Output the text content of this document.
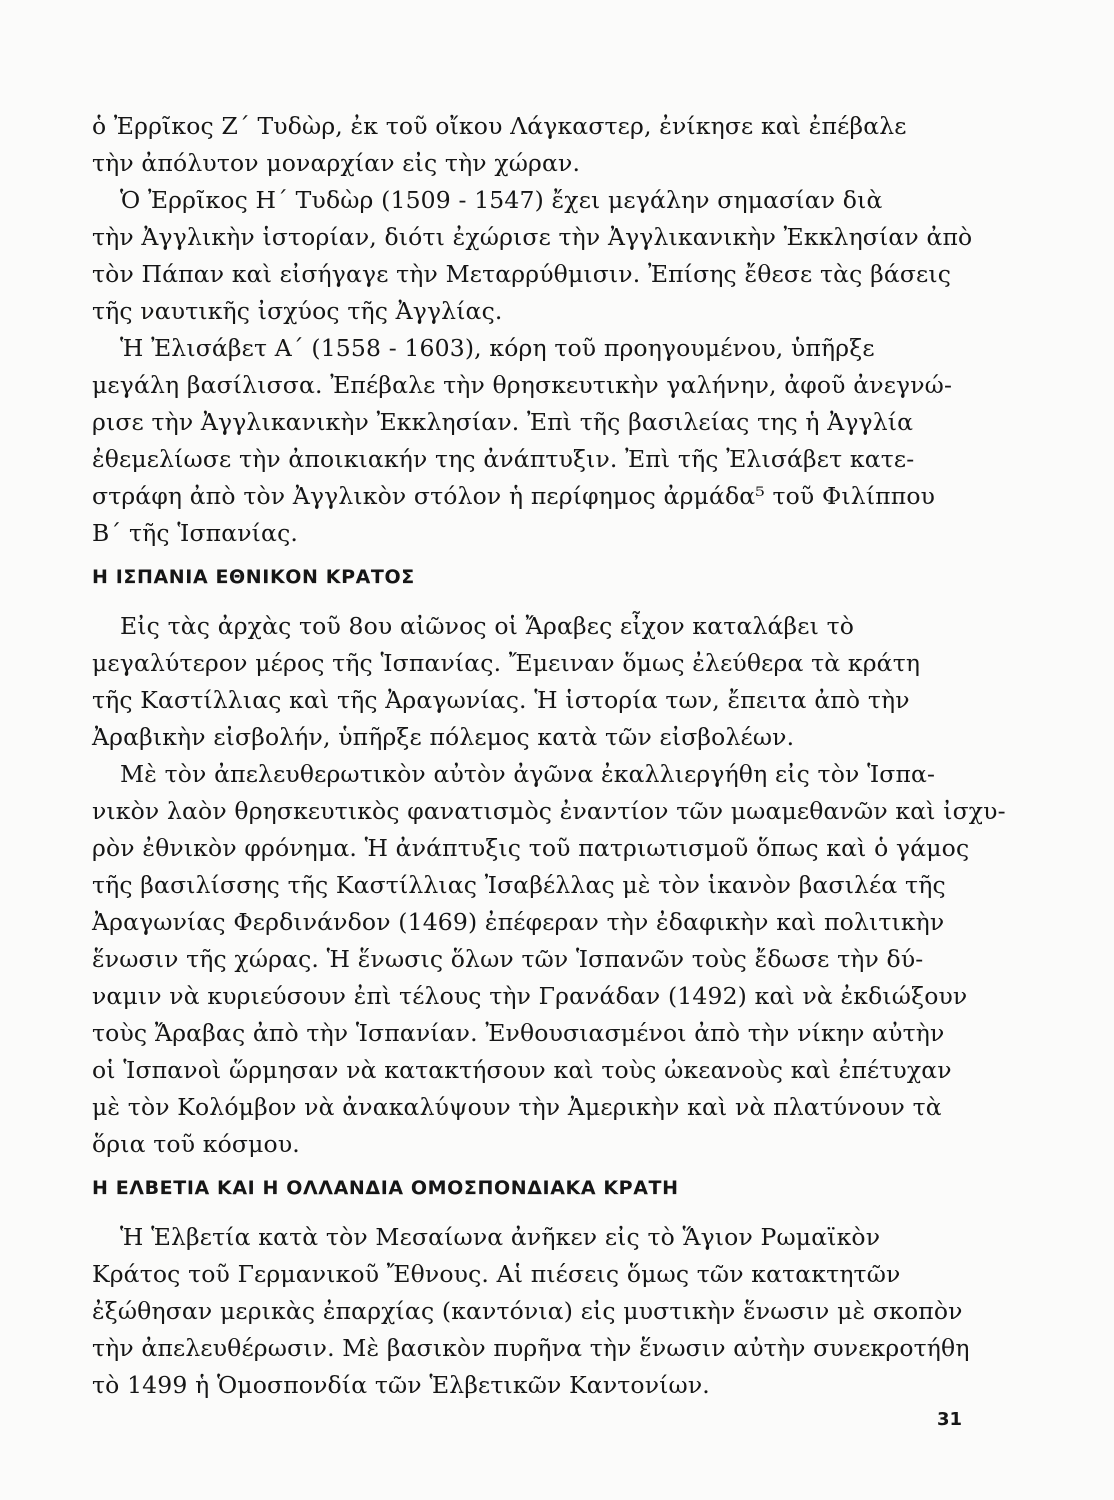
ὁ Ἐρρῖκος Ζ΄ Τυδὼρ, ἐκ τοῦ οἴκου Λάγκαστερ, ἐνίκησε καὶ ἐπέβαλε
τὴν ἀπόλυτον μοναρχίαν εἰς τὴν χώραν.

Ὁ Ἐρρῖκος Η΄ Τυδὼρ (1509 - 1547) ἔχει μεγάλην σημασίαν διὰ
τὴν Ἀγγλικὴν ἱστορίαν, διότι ἐχώρισε τὴν Ἀγγλικανικὴν Ἐκκλησίαν ἀπὸ
τὸν Πάπαν καὶ εἰσήγαγε τὴν Μεταρρύθμισιν. Ἐπίσης ἔθεσε τὰς βάσεις
τῆς ναυτικῆς ἰσχύος τῆς Ἀγγλίας.

Ἡ Ἐλισάβετ Α΄ (1558 - 1603), κόρη τοῦ προηγουμένου, ὑπῆρξε
μεγάλη βασίλισσα. Ἐπέβαλε τὴν θρησκευτικὴν γαλήνην, ἀφοῦ ἀνεγνώ-
ρισε τὴν Ἀγγλικανικὴν Ἐκκλησίαν. Ἐπὶ τῆς βασιλείας της ἡ Ἀγγλία
ἐθεμελίωσε τὴν ἀποικιακήν της ἀνάπτυξιν. Ἐπὶ τῆς Ἐλισάβετ κατε-
στράφη ἀπὸ τὸν Ἀγγλικὸν στόλον ἡ περίφημος ἀρμάδα⁵ τοῦ Φιλίππου
Β΄ τῆς Ἱσπανίας.

Η ΙΣΠΑΝΙΑ ΕΘΝΙΚΟΝ ΚΡΑΤΟΣ

Εἰς τὰς ἀρχὰς τοῦ 8ου αἰῶνος οἱ Ἄραβες εἶχον καταλάβει τὸ
μεγαλύτερον μέρος τῆς Ἱσπανίας. Ἔμειναν ὅμως ἐλεύθερα τὰ κράτη
τῆς Καστίλλιας καὶ τῆς Ἀραγωνίας. Ἡ ἱστορία των, ἔπειτα ἀπὸ τὴν
Ἀραβικὴν εἰσβολήν, ὑπῆρξε πόλεμος κατὰ τῶν εἰσβολέων.

Μὲ τὸν ἀπελευθερωτικὸν αὐτὸν ἀγῶνα ἐκαλλιεργήθη εἰς τὸν Ἱσπα-
νικὸν λαὸν θρησκευτικὸς φανατισμὸς ἐναντίον τῶν μωαμεθανῶν καὶ ἰσχυ-
ρὸν ἐθνικὸν φρόνημα. Ἡ ἀνάπτυξις τοῦ πατριωτισμοῦ ὅπως καὶ ὁ γάμος
τῆς βασιλίσσης τῆς Καστίλλιας Ἰσαβέλλας μὲ τὸν ἱκανὸν βασιλέα τῆς
Ἀραγωνίας Φερδινάνδον (1469) ἐπέφεραν τὴν ἐδαφικὴν καὶ πολιτικὴν
ἕνωσιν τῆς χώρας. Ἡ ἕνωσις ὅλων τῶν Ἱσπανῶν τοὺς ἔδωσε τὴν δύ-
ναμιν νὰ κυριεύσουν ἐπὶ τέλους τὴν Γρανάδαν (1492) καὶ νὰ ἐκδιώξουν
τοὺς Ἄραβας ἀπὸ τὴν Ἱσπανίαν. Ἐνθουσιασμένοι ἀπὸ τὴν νίκην αὐτὴν
οἱ Ἱσπανοὶ ὥρμησαν νὰ κατακτήσουν καὶ τοὺς ὠκεανοὺς καὶ ἐπέτυχαν
μὲ τὸν Κολόμβον νὰ ἀνακαλύψουν τὴν Ἀμερικὴν καὶ νὰ πλατύνουν τὰ
ὅρια τοῦ κόσμου.

Η ΕΛΒΕΤΙΑ ΚΑΙ Η ΟΛΛΑΝΔΙΑ ΟΜΟΣΠΟΝΔΙΑΚΑ ΚΡΑΤΗ

Ἡ Ἑλβετία κατὰ τὸν Μεσαίωνα ἀνῆκεν εἰς τὸ Ἅγιον Ρωμαϊκὸν
Κράτος τοῦ Γερμανικοῦ Ἔθνους. Αἱ πιέσεις ὅμως τῶν κατακτητῶν
ἐξώθησαν μερικὰς ἐπαρχίας (καντόνια) εἰς μυστικὴν ἕνωσιν μὲ σκοπὸν
τὴν ἀπελευθέρωσιν. Μὲ βασικὸν πυρῆνα τὴν ἕνωσιν αὐτὴν συνεκροτήθη
τὸ 1499 ἡ Ὁμοσπονδία τῶν Ἑλβετικῶν Καντονίων.

31
